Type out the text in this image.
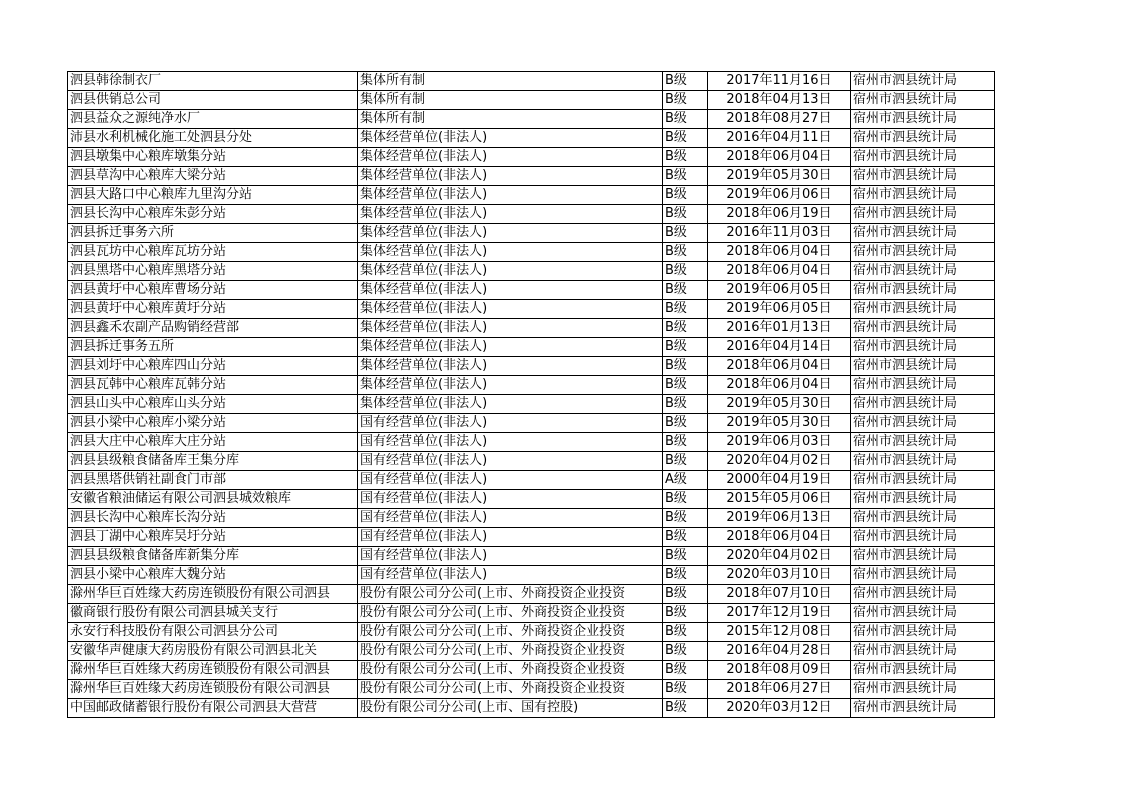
泗县韩徐制衣厂	集体所有制	B级	2017年11月16日	宿州市泗县统计局
泗县供销总公司	集体所有制	B级	2018年04月13日	宿州市泗县统计局
泗县益众之源纯净水厂	集体所有制	B级	2018年08月27日	宿州市泗县统计局
沛县水利机械化施工处泗县分处	集体经营单位(非法人)	B级	2016年04月11日	宿州市泗县统计局
泗县墩集中心粮库墩集分站	集体经营单位(非法人)	B级	2018年06月04日	宿州市泗县统计局
泗县草沟中心粮库大梁分站	集体经营单位(非法人)	B级	2019年05月30日	宿州市泗县统计局
泗县大路口中心粮库九里沟分站	集体经营单位(非法人)	B级	2019年06月06日	宿州市泗县统计局
泗县长沟中心粮库朱彭分站	集体经营单位(非法人)	B级	2018年06月19日	宿州市泗县统计局
泗县拆迁事务六所	集体经营单位(非法人)	B级	2016年11月03日	宿州市泗县统计局
泗县瓦坊中心粮库瓦坊分站	集体经营单位(非法人)	B级	2018年06月04日	宿州市泗县统计局
泗县黑塔中心粮库黑塔分站	集体经营单位(非法人)	B级	2018年06月04日	宿州市泗县统计局
泗县黄圩中心粮库曹场分站	集体经营单位(非法人)	B级	2019年06月05日	宿州市泗县统计局
泗县黄圩中心粮库黄圩分站	集体经营单位(非法人)	B级	2019年06月05日	宿州市泗县统计局
泗县鑫禾农副产品购销经营部	集体经营单位(非法人)	B级	2016年01月13日	宿州市泗县统计局
泗县拆迁事务五所	集体经营单位(非法人)	B级	2016年04月14日	宿州市泗县统计局
泗县刘圩中心粮库四山分站	集体经营单位(非法人)	B级	2018年06月04日	宿州市泗县统计局
泗县瓦韩中心粮库瓦韩分站	集体经营单位(非法人)	B级	2018年06月04日	宿州市泗县统计局
泗县山头中心粮库山头分站	集体经营单位(非法人)	B级	2019年05月30日	宿州市泗县统计局
泗县小梁中心粮库小梁分站	国有经营单位(非法人)	B级	2019年05月30日	宿州市泗县统计局
泗县大庄中心粮库大庄分站	国有经营单位(非法人)	B级	2019年06月03日	宿州市泗县统计局
泗县县级粮食储备库王集分库	国有经营单位(非法人)	B级	2020年04月02日	宿州市泗县统计局
泗县黑塔供销社副食门市部	国有经营单位(非法人)	A级	2000年04月19日	宿州市泗县统计局
安徽省粮油储运有限公司泗县城效粮库	国有经营单位(非法人)	B级	2015年05月06日	宿州市泗县统计局
泗县长沟中心粮库长沟分站	国有经营单位(非法人)	B级	2019年06月13日	宿州市泗县统计局
泗县丁湖中心粮库吴圩分站	国有经营单位(非法人)	B级	2018年06月04日	宿州市泗县统计局
泗县县级粮食储备库新集分库	国有经营单位(非法人)	B级	2020年04月02日	宿州市泗县统计局
泗县小梁中心粮库大魏分站	国有经营单位(非法人)	B级	2020年03月10日	宿州市泗县统计局
滁州华巨百姓缘大药房连锁股份有限公司泗县	股份有限公司分公司(上市、外商投资企业投资	B级	2018年07月10日	宿州市泗县统计局
徽商银行股份有限公司泗县城关支行	股份有限公司分公司(上市、外商投资企业投资	B级	2017年12月19日	宿州市泗县统计局
永安行科技股份有限公司泗县分公司	股份有限公司分公司(上市、外商投资企业投资	B级	2015年12月08日	宿州市泗县统计局
安徽华声健康大药房股份有限公司泗县北关	股份有限公司分公司(上市、外商投资企业投资	B级	2016年04月28日	宿州市泗县统计局
滁州华巨百姓缘大药房连锁股份有限公司泗县	股份有限公司分公司(上市、外商投资企业投资	B级	2018年08月09日	宿州市泗县统计局
滁州华巨百姓缘大药房连锁股份有限公司泗县	股份有限公司分公司(上市、外商投资企业投资	B级	2018年06月27日	宿州市泗县统计局
中国邮政储蓄银行股份有限公司泗县大营营	股份有限公司分公司(上市、国有控股)	B级	2020年03月12日	宿州市泗县统计局
